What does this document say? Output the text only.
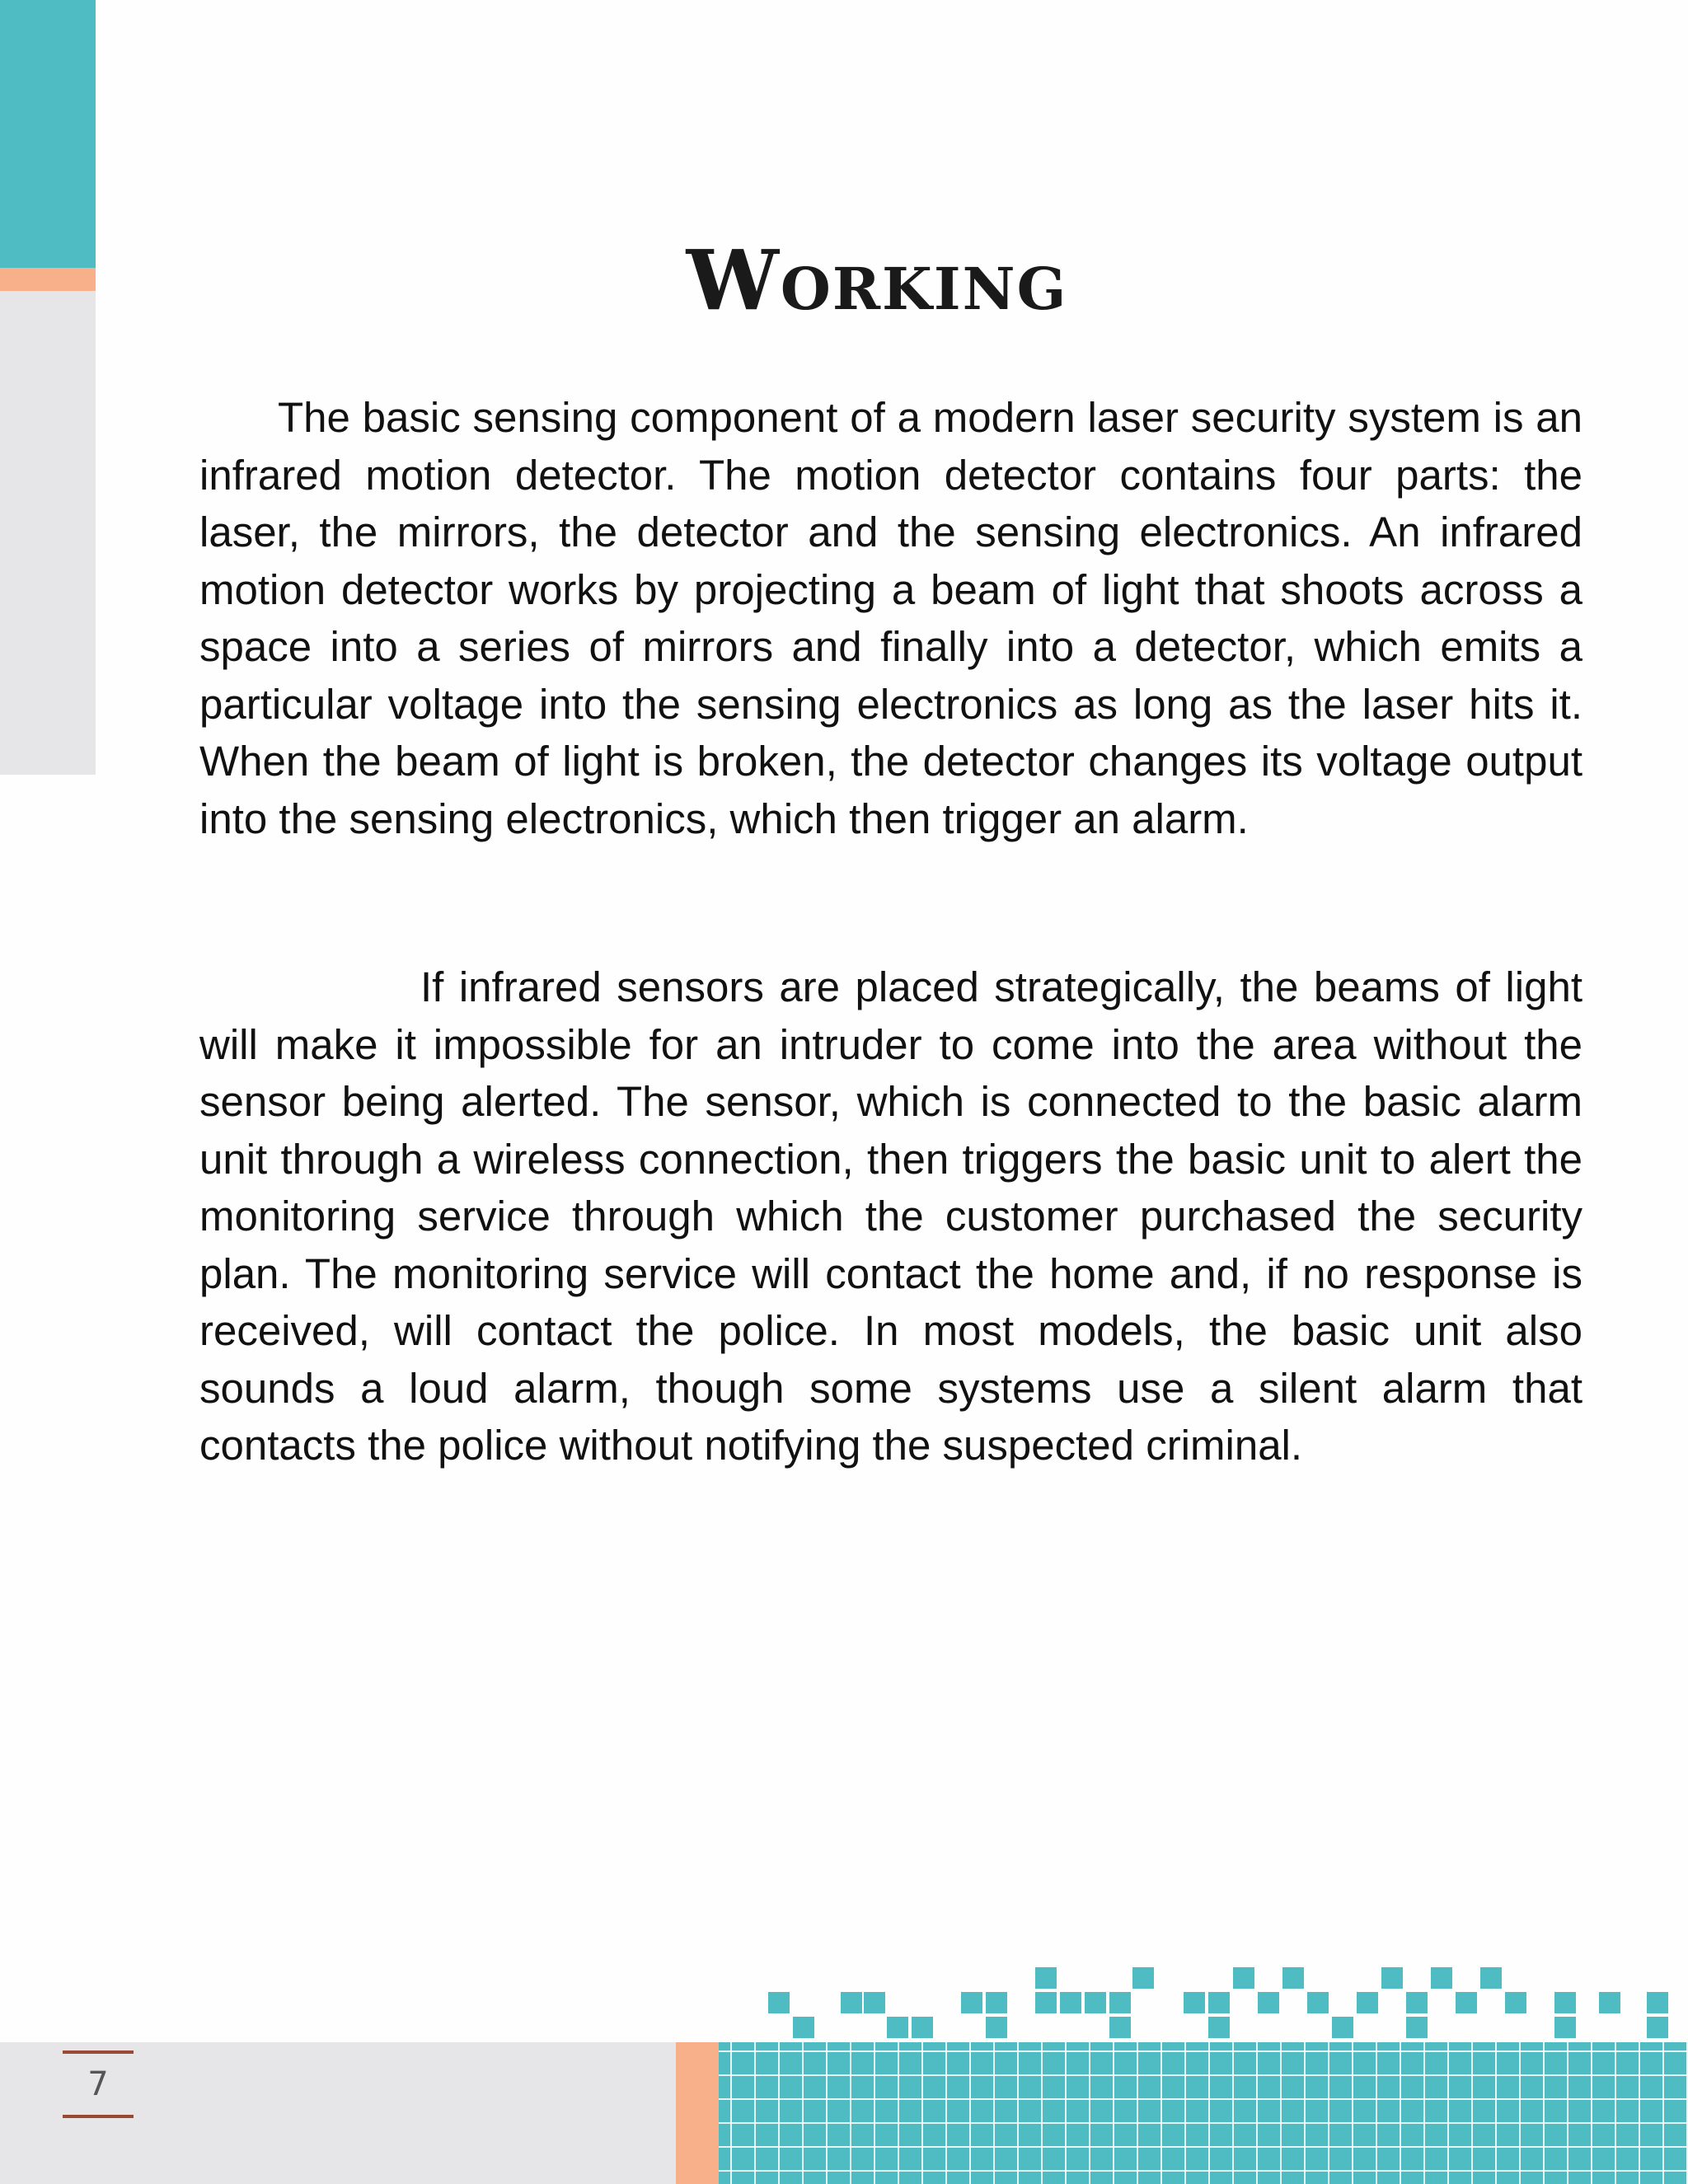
Working

The basic sensing component of a modern laser security system is an infrared motion detector. The motion detector contains four parts: the laser, the mirrors, the detector and the sensing electronics. An infrared motion detector works by projecting a beam of light that shoots across a space into a series of mirrors and finally into a detector, which emits a particular voltage into the sensing electronics as long as the laser hits it. When the beam of light is broken, the detector changes its voltage output into the sensing electronics, which then trigger an alarm.

If infrared sensors are placed strategically, the beams of light will make it impossible for an intruder to come into the area without the sensor being alerted. The sensor, which is connected to the basic alarm unit through a wireless connection, then triggers the basic unit to alert the monitoring service through which the customer purchased the security plan. The monitoring service will contact the home and, if no response is received, will contact the police. In most models, the basic unit also sounds a loud alarm, though some systems use a silent alarm that contacts the police without notifying the suspected criminal.

7
